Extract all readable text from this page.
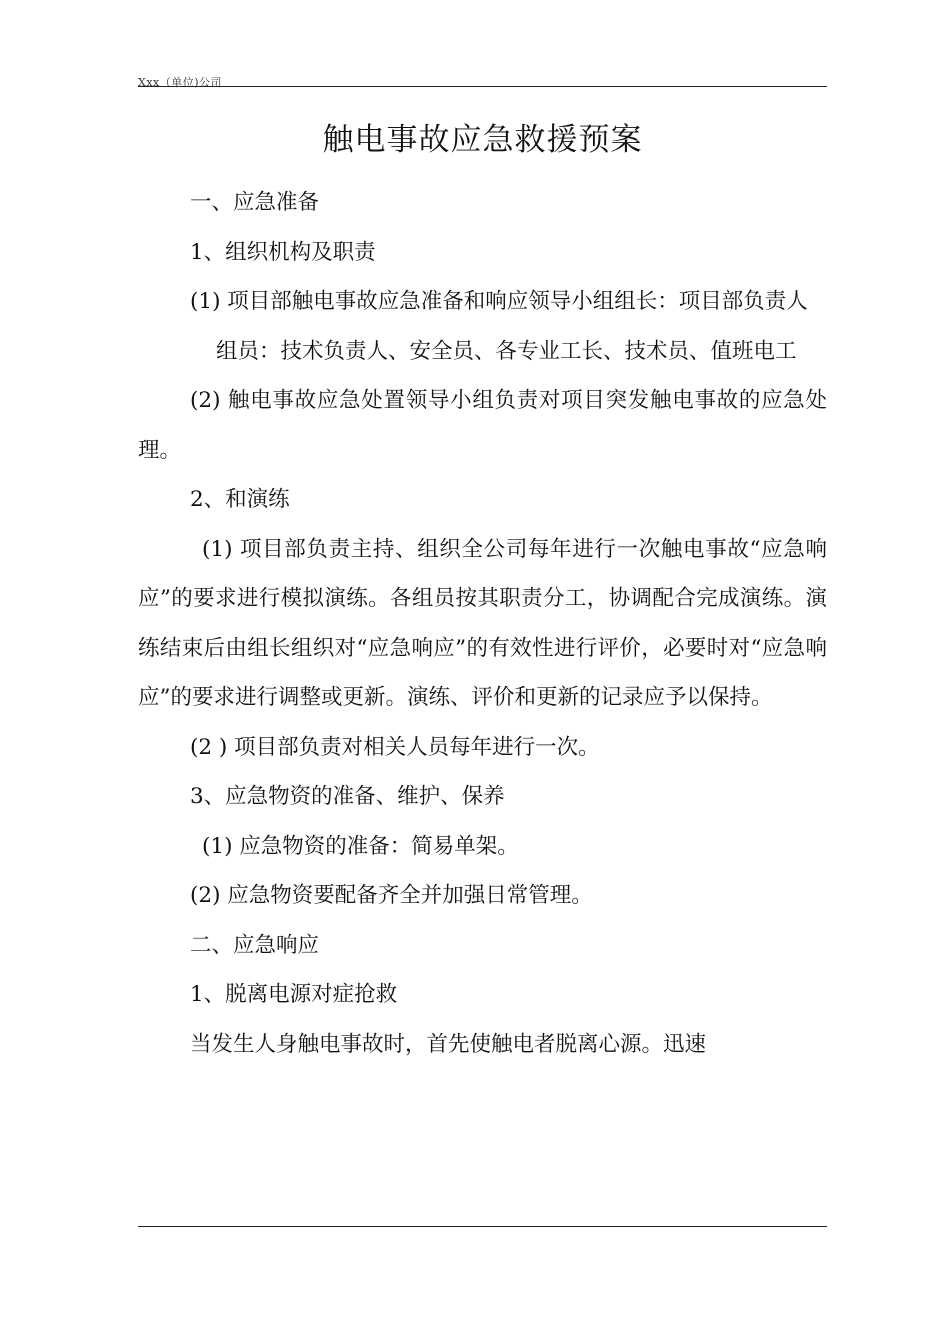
Xxx（单位)公司
触电事故应急救援预案

一、应急准备

1、组织机构及职责

(1) 项目部触电事故应急准备和响应领导小组组长：项目部负责人

组员：技术负责人、安全员、各专业工长、技术员、值班电工

(2) 触电事故应急处置领导小组负责对项目突发触电事故的应急处理。

2、和演练

(1) 项目部负责主持、组织全公司每年进行一次触电事故“应急响应”的要求进行模拟演练。各组员按其职责分工，协调配合完成演练。演练结束后由组长组织对“应急响应”的有效性进行评价，必要时对“应急响应”的要求进行调整或更新。演练、评价和更新的记录应予以保持。

(2 ) 项目部负责对相关人员每年进行一次。

3、应急物资的准备、维护、保养

(1) 应急物资的准备：简易单架。

(2) 应急物资要配备齐全并加强日常管理。

二、应急响应

1、脱离电源对症抢救

当发生人身触电事故时，首先使触电者脱离心源。迅速
